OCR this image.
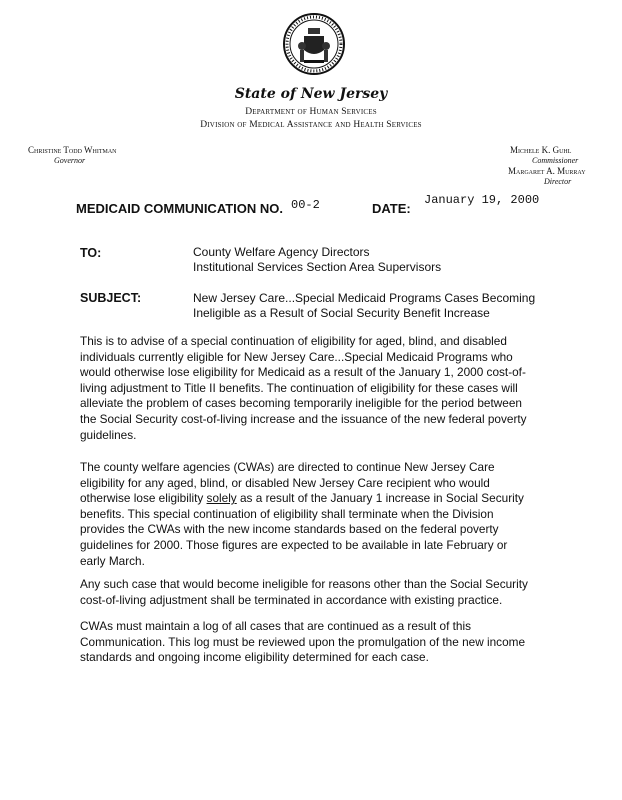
State of New Jersey
Department of Human Services
Division of Medical Assistance and Health Services
Christine Todd Whitman
Governor
Michele K. Guhl
Commissioner
Margaret A. Murray
Director
MEDICAID COMMUNICATION NO. 00-2	DATE:
January 19, 2000
TO:	County Welfare Agency Directors
Institutional Services Section Area Supervisors
SUBJECT:	New Jersey Care...Special Medicaid Programs Cases Becoming
Ineligible as a Result of Social Security Benefit Increase
This is to advise of a special continuation of eligibility for aged, blind, and disabled
individuals currently eligible for New Jersey Care...Special Medicaid Programs who
would otherwise lose eligibility for Medicaid as a result of the January 1, 2000 cost-of-
living adjustment to Title II benefits. The continuation of eligibility for these cases will
alleviate the problem of cases becoming temporarily ineligible for the period between
the Social Security cost-of-living increase and the issuance of the new federal poverty
guidelines.
The county welfare agencies (CWAs) are directed to continue New Jersey Care
eligibility for any aged, blind, or disabled New Jersey Care recipient who would
otherwise lose eligibility solely as a result of the January 1 increase in Social Security
benefits. This special continuation of eligibility shall terminate when the Division
provides the CWAs with the new income standards based on the federal poverty
guidelines for 2000. Those figures are expected to be available in late February or
early March.
Any such case that would become ineligible for reasons other than the Social Security
cost-of-living adjustment shall be terminated in accordance with existing practice.
CWAs must maintain a log of all cases that are continued as a result of this
Communication. This log must be reviewed upon the promulgation of the new income
standards and ongoing income eligibility determined for each case.
